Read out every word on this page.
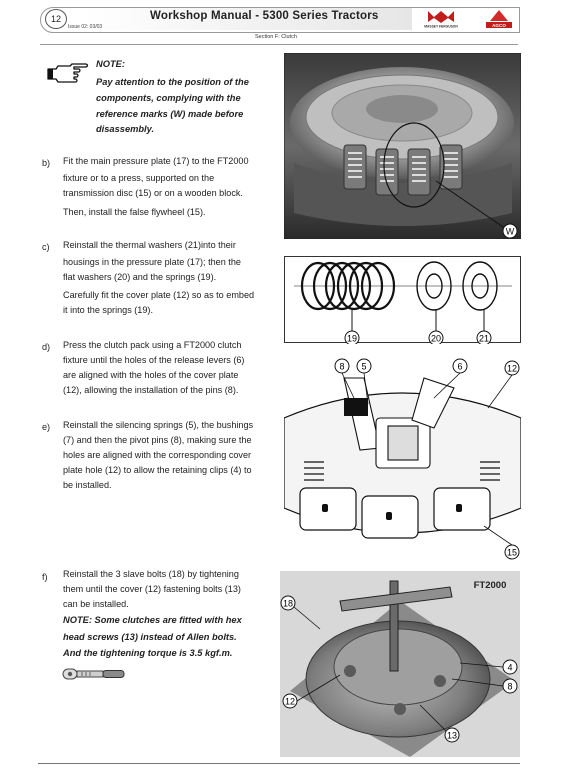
12	Workshop Manual - 5300 Series Tractors
Issue 02: 03/03
Section F: Clutch
MASSEY FERGUSON	AGCO
NOTE:
Pay attention to the position of the
components, complying with the
reference marks (W) made before
disassembly.
b) Fit the main pressure plate (17) to the FT2000
fixture or to a press, supported on the
transmission disc (15) or on a wooden block.
Then, install the false flywheel (15).
c) Reinstall the thermal washers (21)into their
housings in the pressure plate (17); then the
flat washers (20) and the springs (19).
Carefully fit the cover plate (12) so as to embed
it into the springs (19).
d) Press the clutch pack using a FT2000 clutch
fixture until the holes of the release levers (6)
are aligned with the holes of the cover plate
(12), allowing the installation of the pins (8).
e) Reinstall the silencing springs (5), the bushings
(7) and then the pivot pins (8), making sure the
holes are aligned with the corresponding cover
plate hole (12) to allow the retaining clips (4) to
be installed.
f) Reinstall the 3 slave bolts (18) by tightening
them until the cover (12) fastening bolts (13)
can be installed.
NOTE: Some clutches are fitted with hex
head screws (13) instead of Allen bolts.
And the tightening torque is 3.5 kgf.m.
W
19	20	21
8 5	6	12
15
FT2000
18
4
8
12
13
